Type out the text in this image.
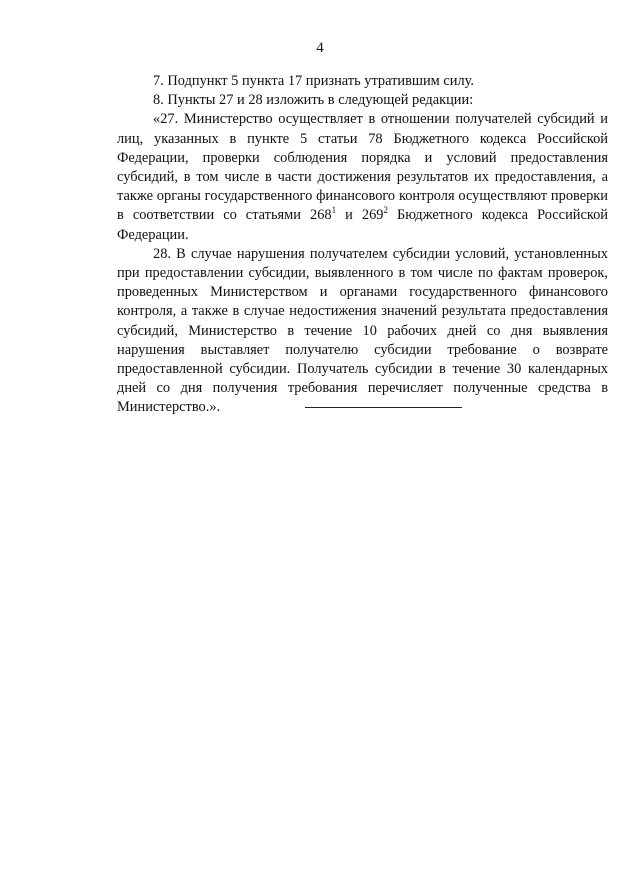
4

7. Подпункт 5 пункта 17 признать утратившим силу.

8. Пункты 27 и 28 изложить в следующей редакции:

«27. Министерство осуществляет в отношении получателей субсидий и лиц, указанных в пункте 5 статьи 78 Бюджетного кодекса Российской Федерации, проверки соблюдения порядка и условий предоставления субсидий, в том числе в части достижения результатов их предоставления, а также органы государственного финансового контроля осуществляют проверки в соответствии со статьями $268^1$ и $269^2$ Бюджетного кодекса Российской Федерации.

28. В случае нарушения получателем субсидии условий, установленных при предоставлении субсидии, выявленного в том числе по фактам проверок, проведенных Министерством и органами государственного финансового контроля, а также в случае недостижения значений результата предоставления субсидий, Министерство в течение 10 рабочих дней со дня выявления нарушения выставляет получателю субсидии требование о возврате предоставленной субсидии. Получатель субсидии в течение 30 календарных дней со дня получения требования перечисляет полученные средства в Министерство.».
